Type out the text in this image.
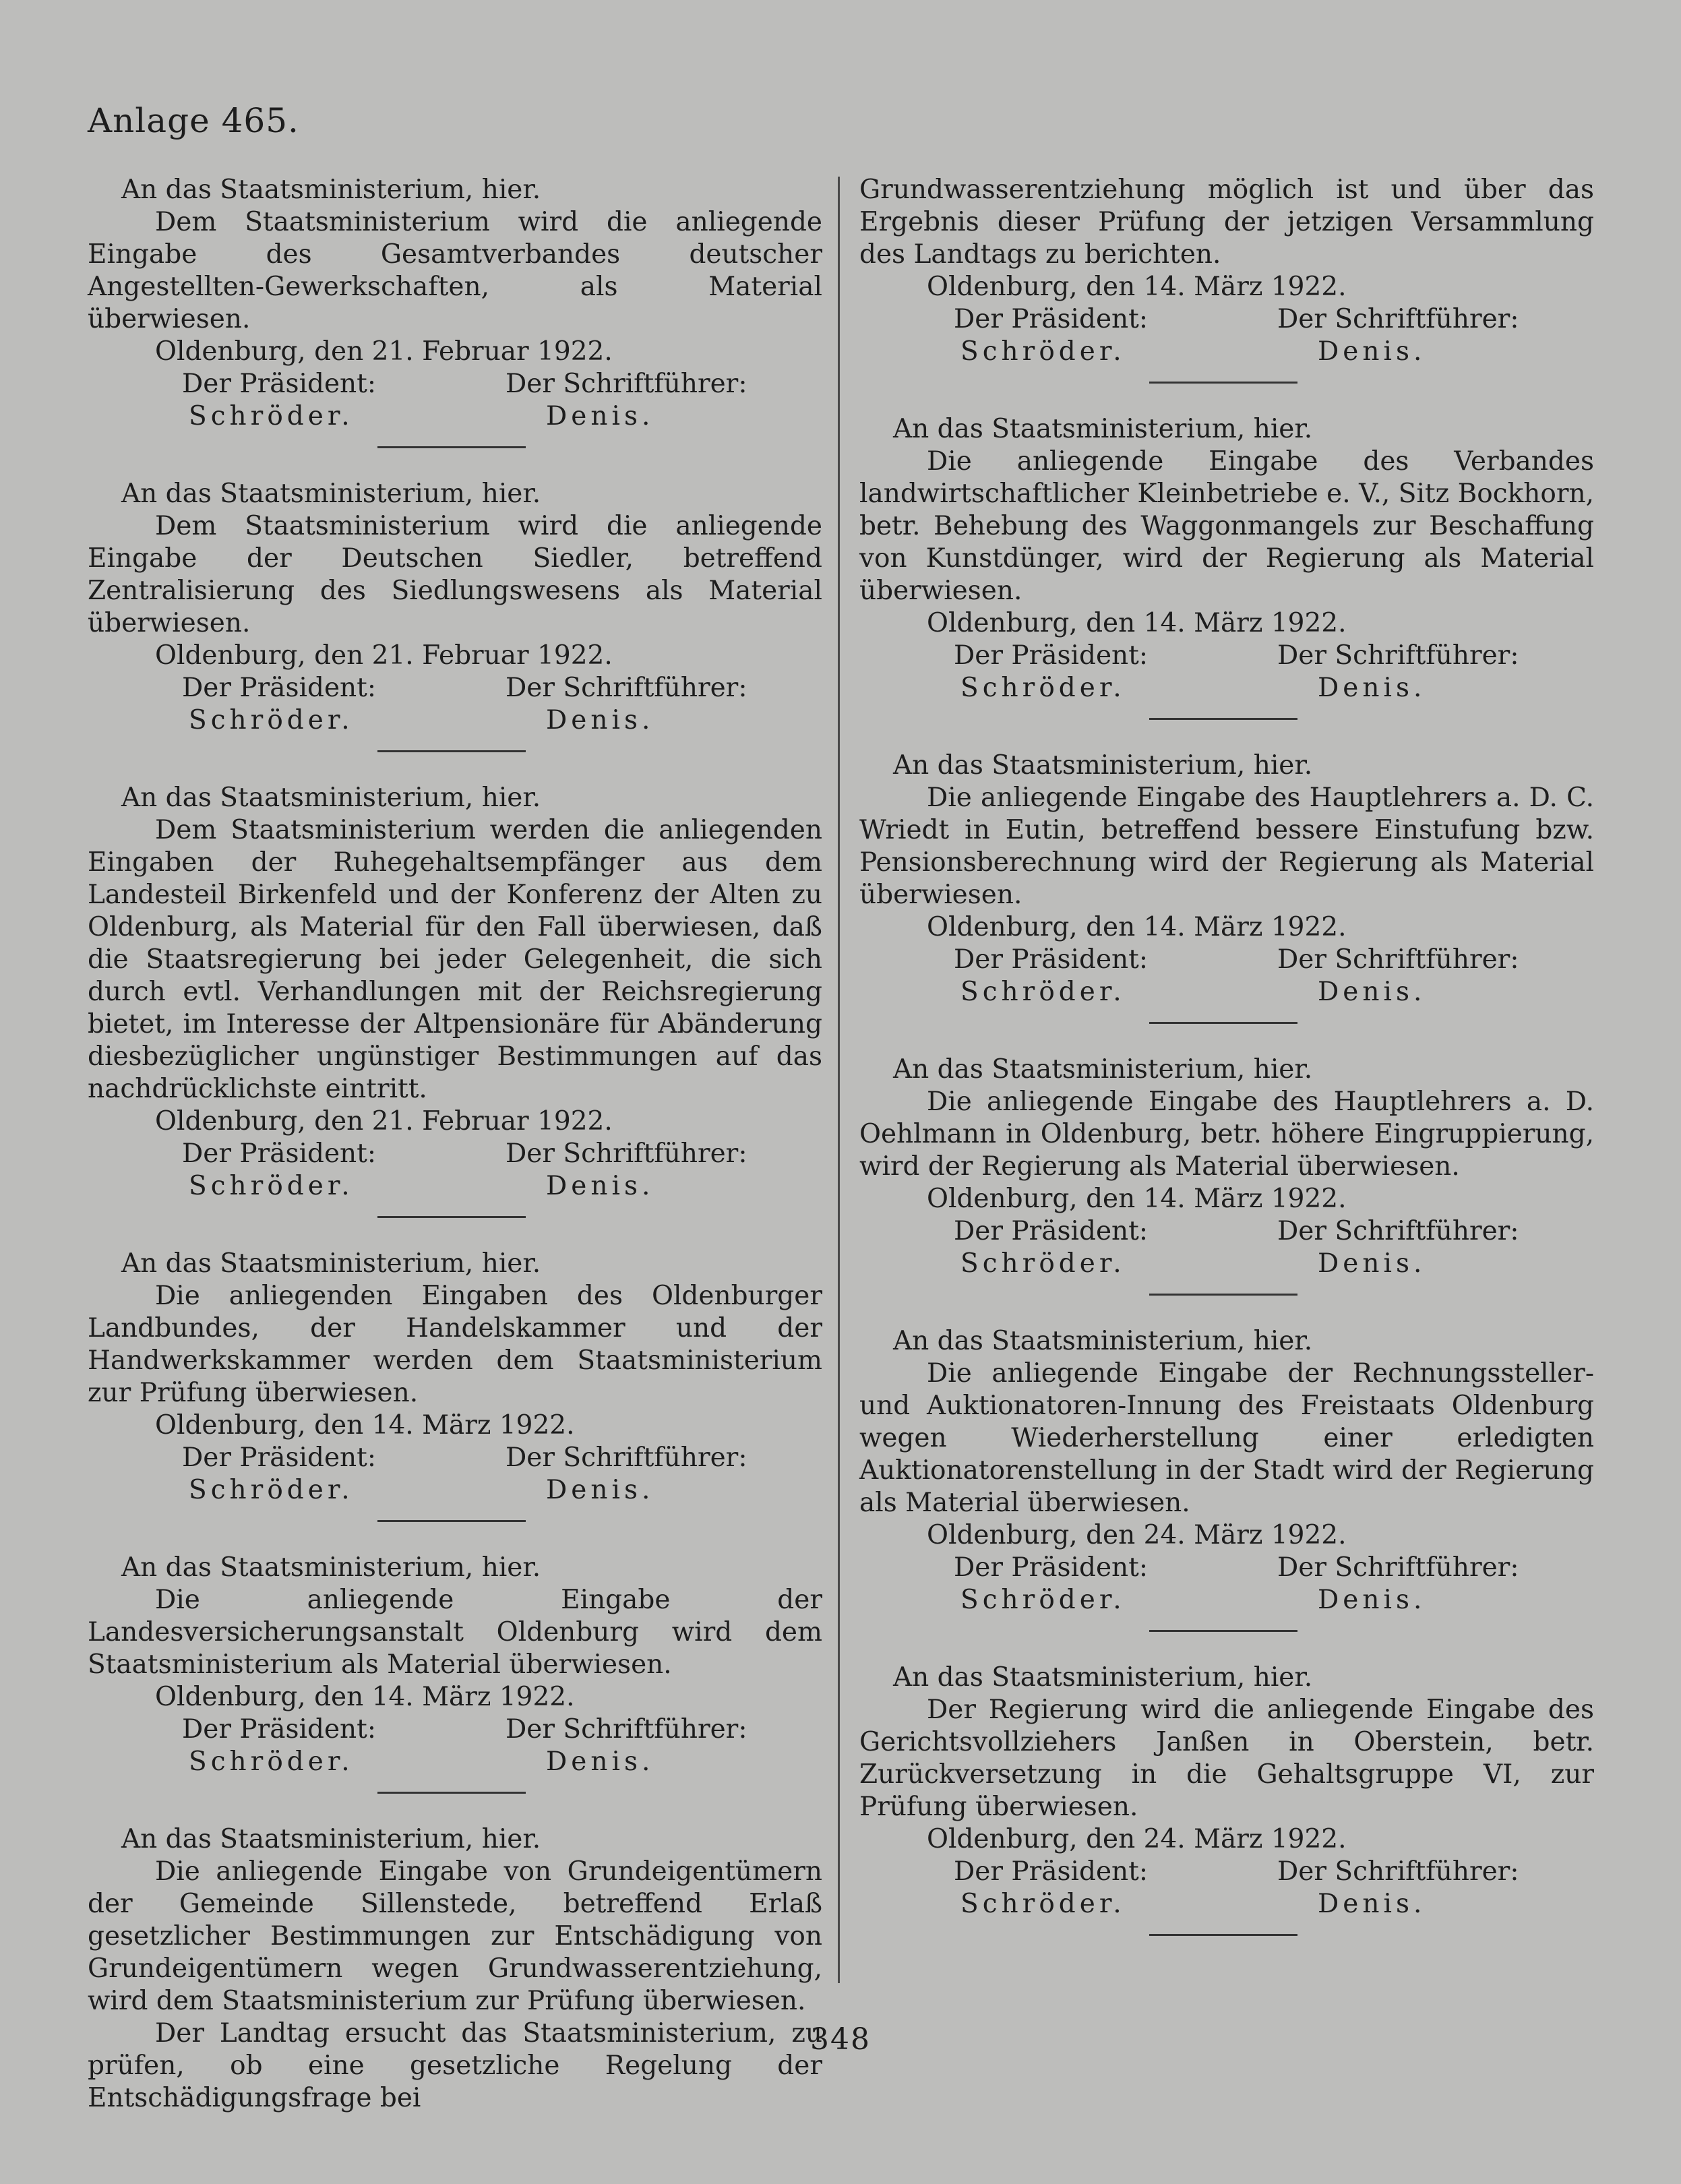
Anlage 465.

An das Staatsministerium, hier.

Dem Staatsministerium wird die anliegende Eingabe des Gesamtverbandes deutscher Angestellten-Gewerkschaften, als Material überwiesen.

Oldenburg, den 21. Februar 1922.

Der Präsident:	Der Schriftführer:
Schröder.	Denis.

An das Staatsministerium, hier.

Dem Staatsministerium wird die anliegende Eingabe der Deutschen Siedler, betreffend Zentralisierung des Siedlungswesens als Material überwiesen.

Oldenburg, den 21. Februar 1922.

Der Präsident:	Der Schriftführer:
Schröder.	Denis.

An das Staatsministerium, hier.

Dem Staatsministerium werden die anliegenden Eingaben der Ruhegehaltsempfänger aus dem Landesteil Birkenfeld und der Konferenz der Alten zu Oldenburg, als Material für den Fall überwiesen, daß die Staatsregierung bei jeder Gelegenheit, die sich durch evtl. Verhandlungen mit der Reichsregierung bietet, im Interesse der Altpensionäre für Abänderung diesbezüglicher ungünstiger Bestimmungen auf das nachdrücklichste eintritt.

Oldenburg, den 21. Februar 1922.

Der Präsident:	Der Schriftführer:
Schröder.	Denis.

An das Staatsministerium, hier.

Die anliegenden Eingaben des Oldenburger Landbundes, der Handelskammer und der Handwerkskammer werden dem Staatsministerium zur Prüfung überwiesen.

Oldenburg, den 14. März 1922.

Der Präsident:	Der Schriftführer:
Schröder.	Denis.

An das Staatsministerium, hier.

Die anliegende Eingabe der Landesversicherungsanstalt Oldenburg wird dem Staatsministerium als Material überwiesen.

Oldenburg, den 14. März 1922.

Der Präsident:	Der Schriftführer:
Schröder.	Denis.

An das Staatsministerium, hier.

Die anliegende Eingabe von Grundeigentümern der Gemeinde Sillenstede, betreffend Erlaß gesetzlicher Bestimmungen zur Entschädigung von Grundeigentümern wegen Grundwasserentziehung, wird dem Staatsministerium zur Prüfung überwiesen.

Der Landtag ersucht das Staatsministerium, zu prüfen, ob eine gesetzliche Regelung der Entschädigungsfrage bei

Grundwasserentziehung möglich ist und über das Ergebnis dieser Prüfung der jetzigen Versammlung des Landtags zu berichten.

Oldenburg, den 14. März 1922.

Der Präsident:	Der Schriftführer:
Schröder.	Denis.

An das Staatsministerium, hier.

Die anliegende Eingabe des Verbandes landwirtschaftlicher Kleinbetriebe e. V., Sitz Bockhorn, betr. Behebung des Waggonmangels zur Beschaffung von Kunstdünger, wird der Regierung als Material überwiesen.

Oldenburg, den 14. März 1922.

Der Präsident:	Der Schriftführer:
Schröder.	Denis.

An das Staatsministerium, hier.

Die anliegende Eingabe des Hauptlehrers a. D. C. Wriedt in Eutin, betreffend bessere Einstufung bzw. Pensionsberechnung wird der Regierung als Material überwiesen.

Oldenburg, den 14. März 1922.

Der Präsident:	Der Schriftführer:
Schröder.	Denis.

An das Staatsministerium, hier.

Die anliegende Eingabe des Hauptlehrers a. D. Oehlmann in Oldenburg, betr. höhere Eingruppierung, wird der Regierung als Material überwiesen.

Oldenburg, den 14. März 1922.

Der Präsident:	Der Schriftführer:
Schröder.	Denis.

An das Staatsministerium, hier.

Die anliegende Eingabe der Rechnungssteller- und Auktionatoren-Innung des Freistaats Oldenburg wegen Wiederherstellung einer erledigten Auktionatorenstellung in der Stadt wird der Regierung als Material überwiesen.

Oldenburg, den 24. März 1922.

Der Präsident:	Der Schriftführer:
Schröder.	Denis.

An das Staatsministerium, hier.

Der Regierung wird die anliegende Eingabe des Gerichtsvollziehers Janßen in Oberstein, betr. Zurückversetzung in die Gehaltsgruppe VI, zur Prüfung überwiesen.

Oldenburg, den 24. März 1922.

Der Präsident:	Der Schriftführer:
Schröder.	Denis.
348
